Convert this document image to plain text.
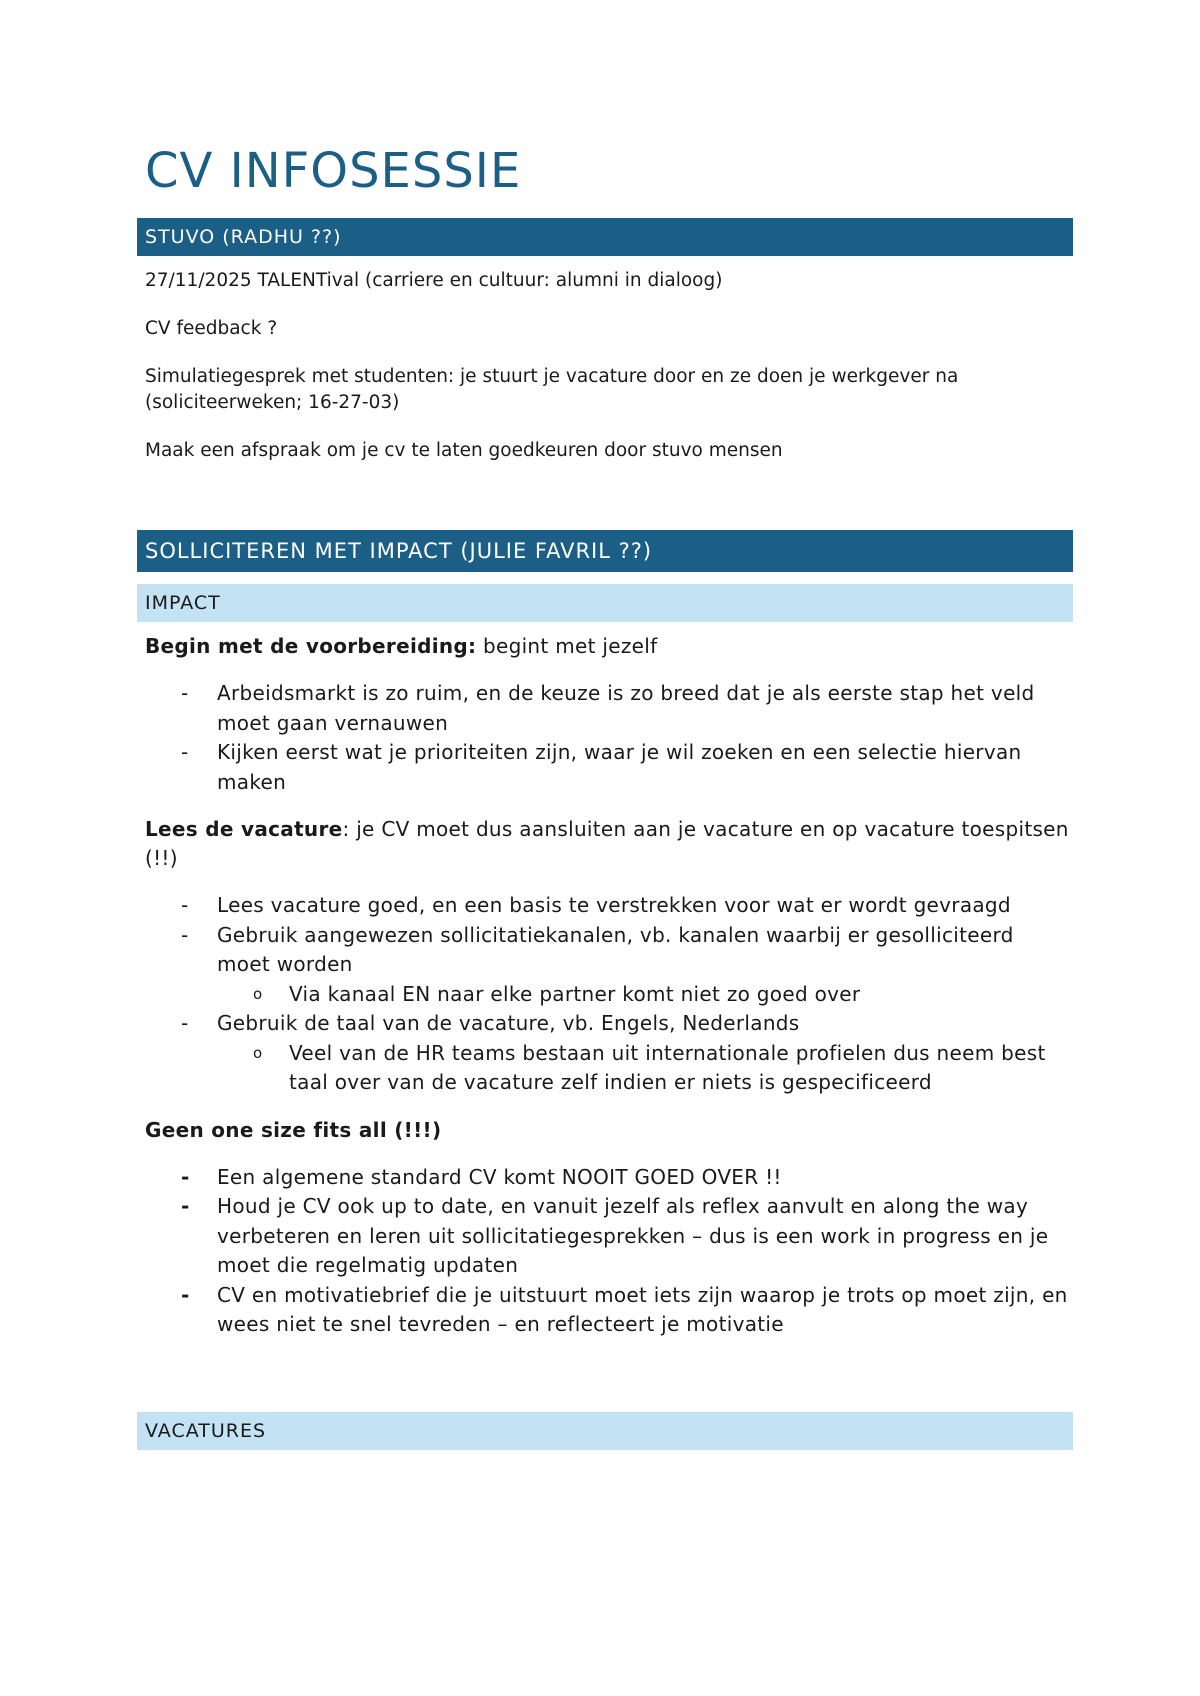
CV INFOSESSIE
STUVO (RADHU ??)

27/11/2025 TALENTival (carriere en cultuur: alumni in dialoog)

CV feedback ?

Simulatiegesprek met studenten: je stuurt je vacature door en ze doen je werkgever na (soliciteerweken; 16-27-03)

Maak een afspraak om je cv te laten goedkeuren door stuvo mensen

SOLLICITEREN MET IMPACT (JULIE FAVRIL ??)
IMPACT

Begin met de voorbereiding: begint met jezelf

-	Arbeidsmarkt is zo ruim, en de keuze is zo breed dat je als eerste stap het veld moet gaan vernauwen
-	Kijken eerst wat je prioriteiten zijn, waar je wil zoeken en een selectie hiervan maken

Lees de vacature: je CV moet dus aansluiten aan je vacature en op vacature toespitsen (!!)

-	Lees vacature goed, en een basis te verstrekken voor wat er wordt gevraagd
-	Gebruik aangewezen sollicitatiekanalen, vb. kanalen waarbij er gesolliciteerd moet worden
o	Via kanaal EN naar elke partner komt niet zo goed over
-	Gebruik de taal van de vacature, vb. Engels, Nederlands
o	Veel van de HR teams bestaan uit internationale profielen dus neem best taal over van de vacature zelf indien er niets is gespecificeerd

Geen one size fits all (!!!)

-	Een algemene standard CV komt NOOIT GOED OVER !!
-	Houd je CV ook up to date, en vanuit jezelf als reflex aanvult en along the way verbeteren en leren uit sollicitatiegesprekken – dus is een work in progress en je moet die regelmatig updaten
-	CV en motivatiebrief die je uitstuurt moet iets zijn waarop je trots op moet zijn, en wees niet te snel tevreden – en reflecteert je motivatie
VACATURES
